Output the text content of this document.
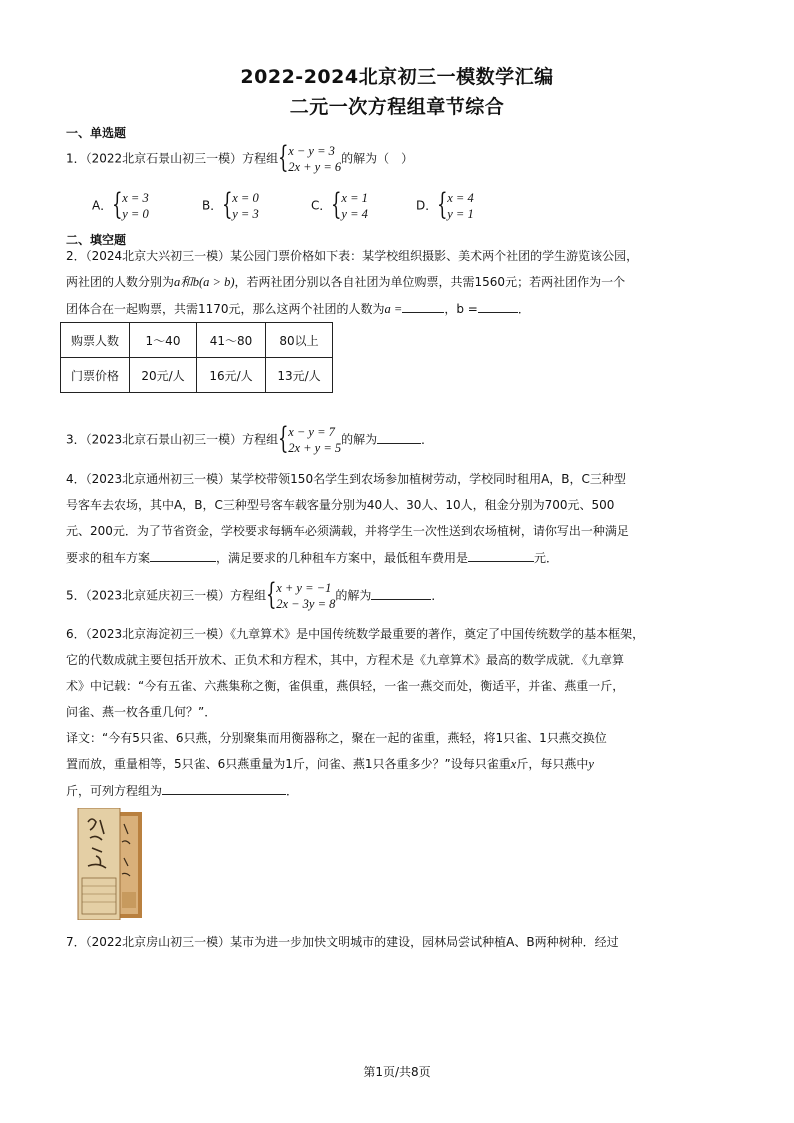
2022-2024北京初三一模数学汇编
二元一次方程组章节综合
一、单选题
1．（2022北京石景山初三一模）方程组 { x − y = 3
2x + y = 6
的解为（　）
A． { x = 3
y = 0
B． { x = 0
y = 3
C． { x = 1
y = 4
D． { x = 4
y = 1
二、填空题
2．（2024北京大兴初三一模）某公园门票价格如下表：某学校组织摄影、美术两个社团的学生游览该公园，
两社团的人数分别为a和b(a > b)，若两社团分别以各自社团为单位购票，共需1560元；若两社团作为一个
团体合在一起购票，共需1170元，那么这两个社团的人数为a =	，b =	．
购票人数	1～40	41～80	80以上
门票价格	20元/人	16元/人	13元/人
3．（2023北京石景山初三一模）方程组 { x − y = 7
2x + y = 5
的解为	．
4．（2023北京通州初三一模）某学校带领150名学生到农场参加植树劳动，学校同时租用A，B，C三种型
号客车去农场，其中A，B，C三种型号客车载客量分别为40人、30人、10人，租金分别为700元、500
元、200元．为了节省资金，学校要求每辆车必须满载，并将学生一次性送到农场植树，请你写出一种满足
要求的租车方案	，满足要求的几种租车方案中，最低租车费用是	元．
5．（2023北京延庆初三一模）方程组 { x + y = −1
2x − 3y = 8
的解为	．
6．（2023北京海淀初三一模）《九章算术》是中国传统数学最重要的著作，奠定了中国传统数学的基本框架，
它的代数成就主要包括开放术、正负术和方程术，其中，方程术是《九章算术》最高的数学成就．《九章算
术》中记载：“今有五雀、六燕集称之衡，雀俱重，燕俱轻，一雀一燕交而处，衡适平，并雀、燕重一斤，
问雀、燕一枚各重几何？”．
译文：“今有5只雀、6只燕，分别聚集而用衡器称之，聚在一起的雀重，燕轻，将1只雀、1只燕交换位
置而放，重量相等，5只雀、6只燕重量为1斤，问雀、燕1只各重多少？”设每只雀重x斤，每只燕中y
斤，可列方程组为	．
7．（2022北京房山初三一模）某市为进一步加快文明城市的建设，园林局尝试种植A、B两种树种．经过
第1页/共8页
